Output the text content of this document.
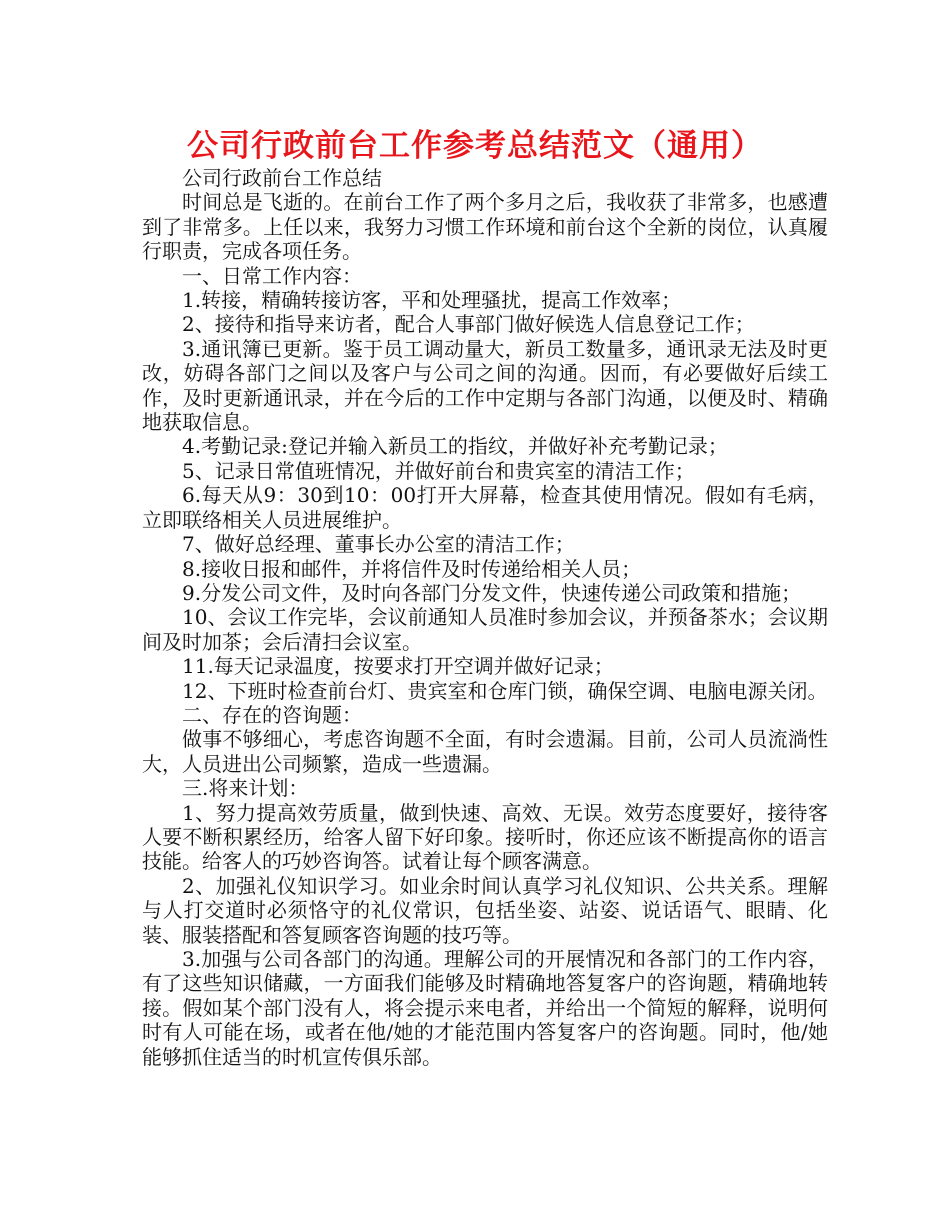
公司行政前台工作参考总结范文（通用）

公司行政前台工作总结

时间总是飞逝的。在前台工作了两个多月之后，我收获了非常多，也感遭到了非常多。上任以来，我努力习惯工作环境和前台这个全新的岗位，认真履行职责，完成各项任务。

一、日常工作内容：

1.转接，精确转接访客，平和处理骚扰，提高工作效率；

2、接待和指导来访者，配合人事部门做好候选人信息登记工作；

3.通讯簿已更新。鉴于员工调动量大，新员工数量多，通讯录无法及时更改，妨碍各部门之间以及客户与公司之间的沟通。因而，有必要做好后续工作，及时更新通讯录，并在今后的工作中定期与各部门沟通，以便及时、精确地获取信息。

4.考勤记录:登记并输入新员工的指纹，并做好补充考勤记录；

5、记录日常值班情况，并做好前台和贵宾室的清洁工作；

6.每天从9：30到10：00打开大屏幕，检查其使用情况。假如有毛病，立即联络相关人员进展维护。

7、做好总经理、董事长办公室的清洁工作；

8.接收日报和邮件，并将信件及时传递给相关人员；

9.分发公司文件，及时向各部门分发文件，快速传递公司政策和措施；

10、会议工作完毕，会议前通知人员准时参加会议，并预备茶水；会议期间及时加茶；会后清扫会议室。

11.每天记录温度，按要求打开空调并做好记录；

12、下班时检查前台灯、贵宾室和仓库门锁，确保空调、电脑电源关闭。

二、存在的咨询题：

做事不够细心，考虑咨询题不全面，有时会遗漏。目前，公司人员流淌性大，人员进出公司频繁，造成一些遗漏。

三.将来计划：

1、努力提高效劳质量，做到快速、高效、无误。效劳态度要好，接待客人要不断积累经历，给客人留下好印象。接听时，你还应该不断提高你的语言技能。给客人的巧妙咨询答。试着让每个顾客满意。

2、加强礼仪知识学习。如业余时间认真学习礼仪知识、公共关系。理解与人打交道时必须恪守的礼仪常识，包括坐姿、站姿、说话语气、眼睛、化装、服装搭配和答复顾客咨询题的技巧等。

3.加强与公司各部门的沟通。理解公司的开展情况和各部门的工作内容，有了这些知识储藏，一方面我们能够及时精确地答复客户的咨询题，精确地转接。假如某个部门没有人，将会提示来电者，并给出一个简短的解释，说明何时有人可能在场，或者在他/她的才能范围内答复客户的咨询题。同时，他/她能够抓住适当的时机宣传俱乐部。
